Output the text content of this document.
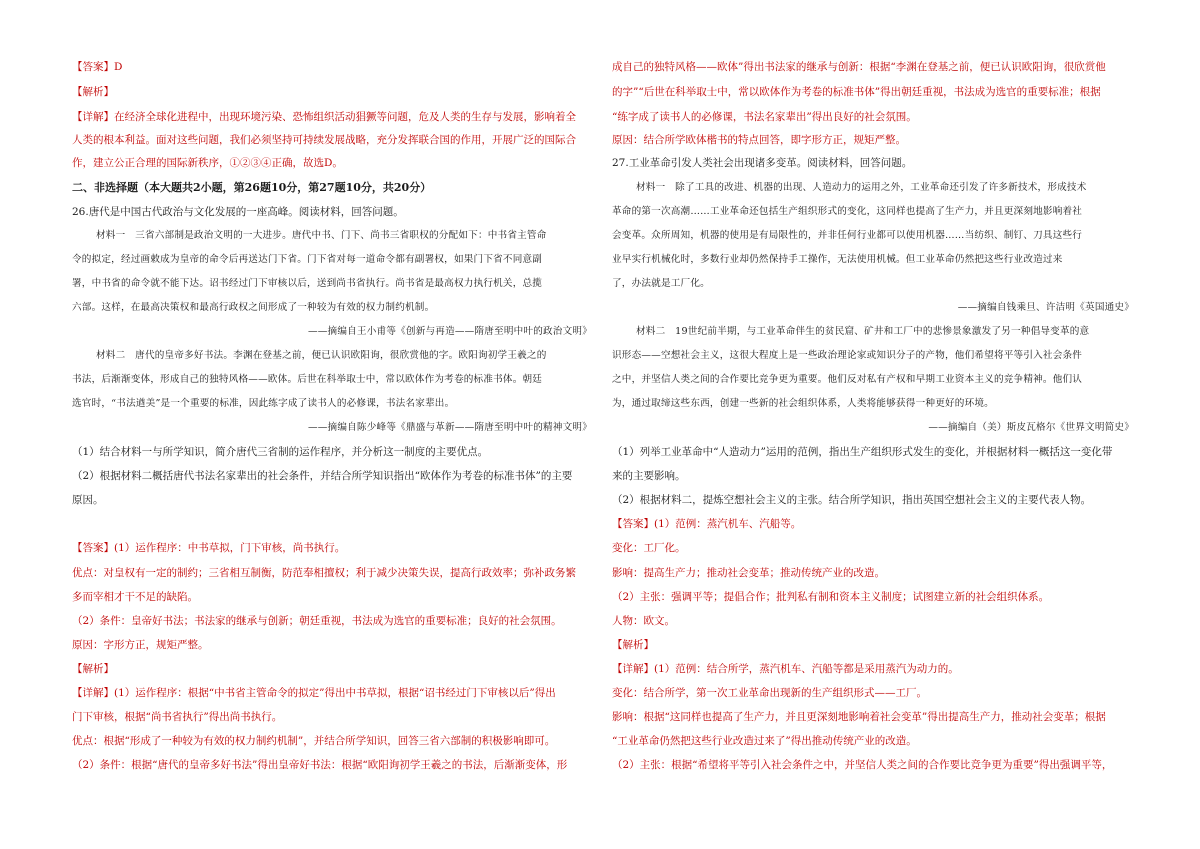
【答案】D
【解析】
【详解】在经济全球化进程中，出现环境污染、恐怖组织活动猖獗等问题，危及人类的生存与发展，影响着全
人类的根本利益。面对这些问题，我们必须坚持可持续发展战略，充分发挥联合国的作用，开展广泛的国际合
作，建立公正合理的国际新秩序，①②③④正确，故选D。
二、非选择题（本大题共2小题，第26题10分，第27题10分，共20分）
26.唐代是中国古代政治与文化发展的一座高峰。阅读材料，回答问题。
材料一　三省六部制是政治文明的一大进步。唐代中书、门下、尚书三省职权的分配如下：中书省主管命
令的拟定，经过画敕成为皇帝的命令后再送达门下省。门下省对每一道命令都有副署权，如果门下省不同意副
署，中书省的命令就不能下达。诏书经过门下审核以后，送到尚书省执行。尚书省是最高权力执行机关，总揽
六部。这样，在最高决策权和最高行政权之间形成了一种较为有效的权力制约机制。
——摘编自王小甫等《创新与再造——隋唐至明中叶的政治文明》
材料二　唐代的皇帝多好书法。李渊在登基之前，便已认识欧阳询，很欣赏他的字。欧阳询初学王羲之的
书法，后渐渐变体，形成自己的独特风格——欧体。后世在科举取士中，常以欧体作为考卷的标准书体。朝廷
选官时，“书法遒美”是一个重要的标准，因此练字成了读书人的必修课，书法名家辈出。
——摘编自陈少峰等《鼎盛与革新——隋唐至明中叶的精神文明》
（1）结合材料一与所学知识，简介唐代三省制的运作程序，并分析这一制度的主要优点。
（2）根据材料二概括唐代书法名家辈出的社会条件，并结合所学知识指出“欧体作为考卷的标准书体”的主要
原因。
【答案】(1）运作程序：中书草拟，门下审核，尚书执行。
优点：对皇权有一定的制约；三省相互制衡，防范奉相擅权；利于减少决策失误，提高行政效率；弥补政务繁
多而宰相才干不足的缺陷。
（2）条件：皇帝好书法；书法家的继承与创新；朝廷重视，书法成为选官的重要标准；良好的社会氛围。
原因：字形方正，规矩严整。
【解析】
【详解】(1）运作程序：根据“中书省主管命令的拟定”得出中书草拟，根据“诏书经过门下审核以后”得出
门下审核，根据“尚书省执行”得出尚书执行。
优点：根据“形成了一种较为有效的权力制约机制”，并结合所学知识，回答三省六部制的积极影响即可。
（2）条件：根据“唐代的皇帝多好书法”得出皇帝好书法：根据“欧阳询初学王羲之的书法，后渐渐变体，形
成自己的独特风格——欧体”得出书法家的继承与创新：根据“李渊在登基之前，便已认识欧阳询，很欣赏他
的字”“后世在科举取士中，常以欧体作为考卷的标准书体”得出朝廷重视，书法成为选官的重要标准；根据
“练字成了读书人的必修课，书法名家辈出”得出良好的社会氛围。
原因：结合所学欧体楷书的特点回答，即字形方正，规矩严整。
27.工业革命引发人类社会出现诸多变革。阅读材料，回答问题。
材料一　除了工具的改进、机器的出现、人造动力的运用之外，工业革命还引发了许多新技术，形成技术
革命的第一次高潮……工业革命还包括生产组织形式的变化，这同样也提高了生产力，并且更深刻地影响着社
会变革。众所周知，机器的使用是有局限性的，并非任何行业都可以使用机器……当纺织、制钉、刀具这些行
业早实行机械化时，多数行业却仍然保持手工操作，无法使用机械。但工业革命仍然把这些行业改造过来
了，办法就是工厂化。
——摘编自钱乘旦、许洁明《英国通史》
材料二　19世纪前半期，与工业革命伴生的贫民窟、矿井和工厂中的悲惨景象激发了另一种倡导变革的意
识形态——空想社会主义，这很大程度上是一些政治理论家或知识分子的产物，他们希望将平等引入社会条件
之中，并坚信人类之间的合作要比竞争更为重要。他们反对私有产权和早期工业资本主义的竞争精神。他们认
为，通过取缔这些东西，创建一些新的社会组织体系，人类将能够获得一种更好的环境。
——摘编自（美）斯皮瓦格尔《世界文明简史》
（1）列举工业革命中“人造动力”运用的范例，指出生产组织形式发生的变化，并根据材料一概括这一变化带
来的主要影响。
（2）根据材料二，提炼空想社会主义的主张。结合所学知识，指出英国空想社会主义的主要代表人物。
【答案】(1）范例：蒸汽机车、汽船等。
变化：工厂化。
影响：提高生产力；推动社会变革；推动传统产业的改造。
（2）主张：强调平等；提倡合作；批判私有制和资本主义制度；试图建立新的社会组织体系。
人物：欧文。
【解析】
【详解】(1）范例：结合所学，蒸汽机车、汽船等都是采用蒸汽为动力的。
变化：结合所学，第一次工业革命出现新的生产组织形式——工厂。
影响：根据“这同样也提高了生产力，并且更深刻地影响着社会变革”得出提高生产力，推动社会变革；根据
“工业革命仍然把这些行业改造过来了”得出推动传统产业的改造。
（2）主张：根据“希望将平等引入社会条件之中，并坚信人类之间的合作要比竞争更为重要”得出强调平等，
